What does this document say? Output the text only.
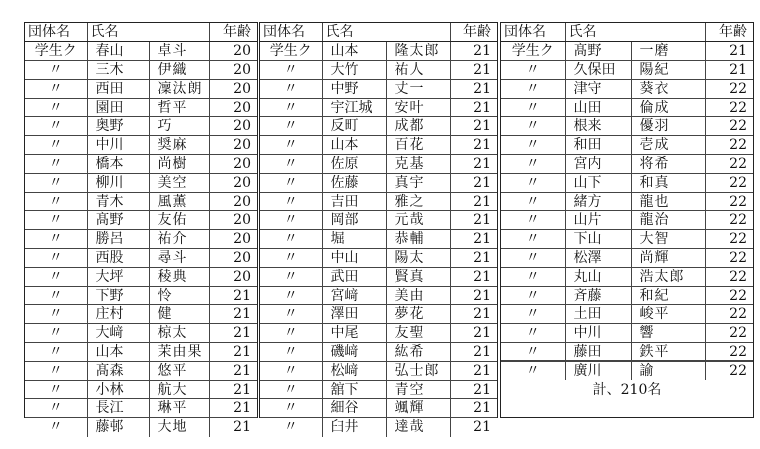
団体名	氏名		年齢
学生ク	春山	卓斗	20
〃	三木	伊織	20
〃	西田	凜汰朗	20
〃	園田	哲平	20
〃	奥野	巧	20
〃	中川	奨麻	20
〃	橋本	尚樹	20
〃	柳川	美空	20
〃	青木	風薫	20
〃	髙野	友佑	20
〃	勝呂	祐介	20
〃	西股	尋斗	20
〃	大坪	稜典	20
〃	下野	怜	21
〃	庄村	健	21
〃	大﨑	椋太	21
〃	山本	茉由果	21
〃	髙森	悠平	21
〃	小林	航大	21
〃	長江	琳平	21
〃	藤邨	大地	21
団体名	氏名		年齢
学生ク	山本	隆太郎	21
〃	大竹	祐人	21
〃	中野	丈一	21
〃	宇江城	安叶	21
〃	反町	成都	21
〃	山本	百花	21
〃	佐原	克基	21
〃	佐藤	真宇	21
〃	吉田	雅之	21
〃	岡部	元哉	21
〃	堀	恭輔	21
〃	中山	陽太	21
〃	武田	賢真	21
〃	宮﨑	美由	21
〃	澤田	夢花	21
〃	中尾	友聖	21
〃	磯﨑	紘希	21
〃	松﨑	弘士郎	21
〃	舘下	青空	21
〃	細谷	颯輝	21
〃	臼井	達哉	21
団体名	氏名		年齢
学生ク	髙野	一磨	21
〃	久保田	陽紀	21
〃	津守	葵衣	22
〃	山田	倫成	22
〃	根来	優羽	22
〃	和田	壱成	22
〃	宮内	将希	22
〃	山下	和真	22
〃	緒方	龍也	22
〃	山片	龍治	22
〃	下山	大智	22
〃	松澤	尚輝	22
〃	丸山	浩太郎	22
〃	斉藤	和紀	22
〃	土田	峻平	22
〃	中川	響	22
〃	藤田	鉄平	22
〃	廣川	諭	22
計、210名
